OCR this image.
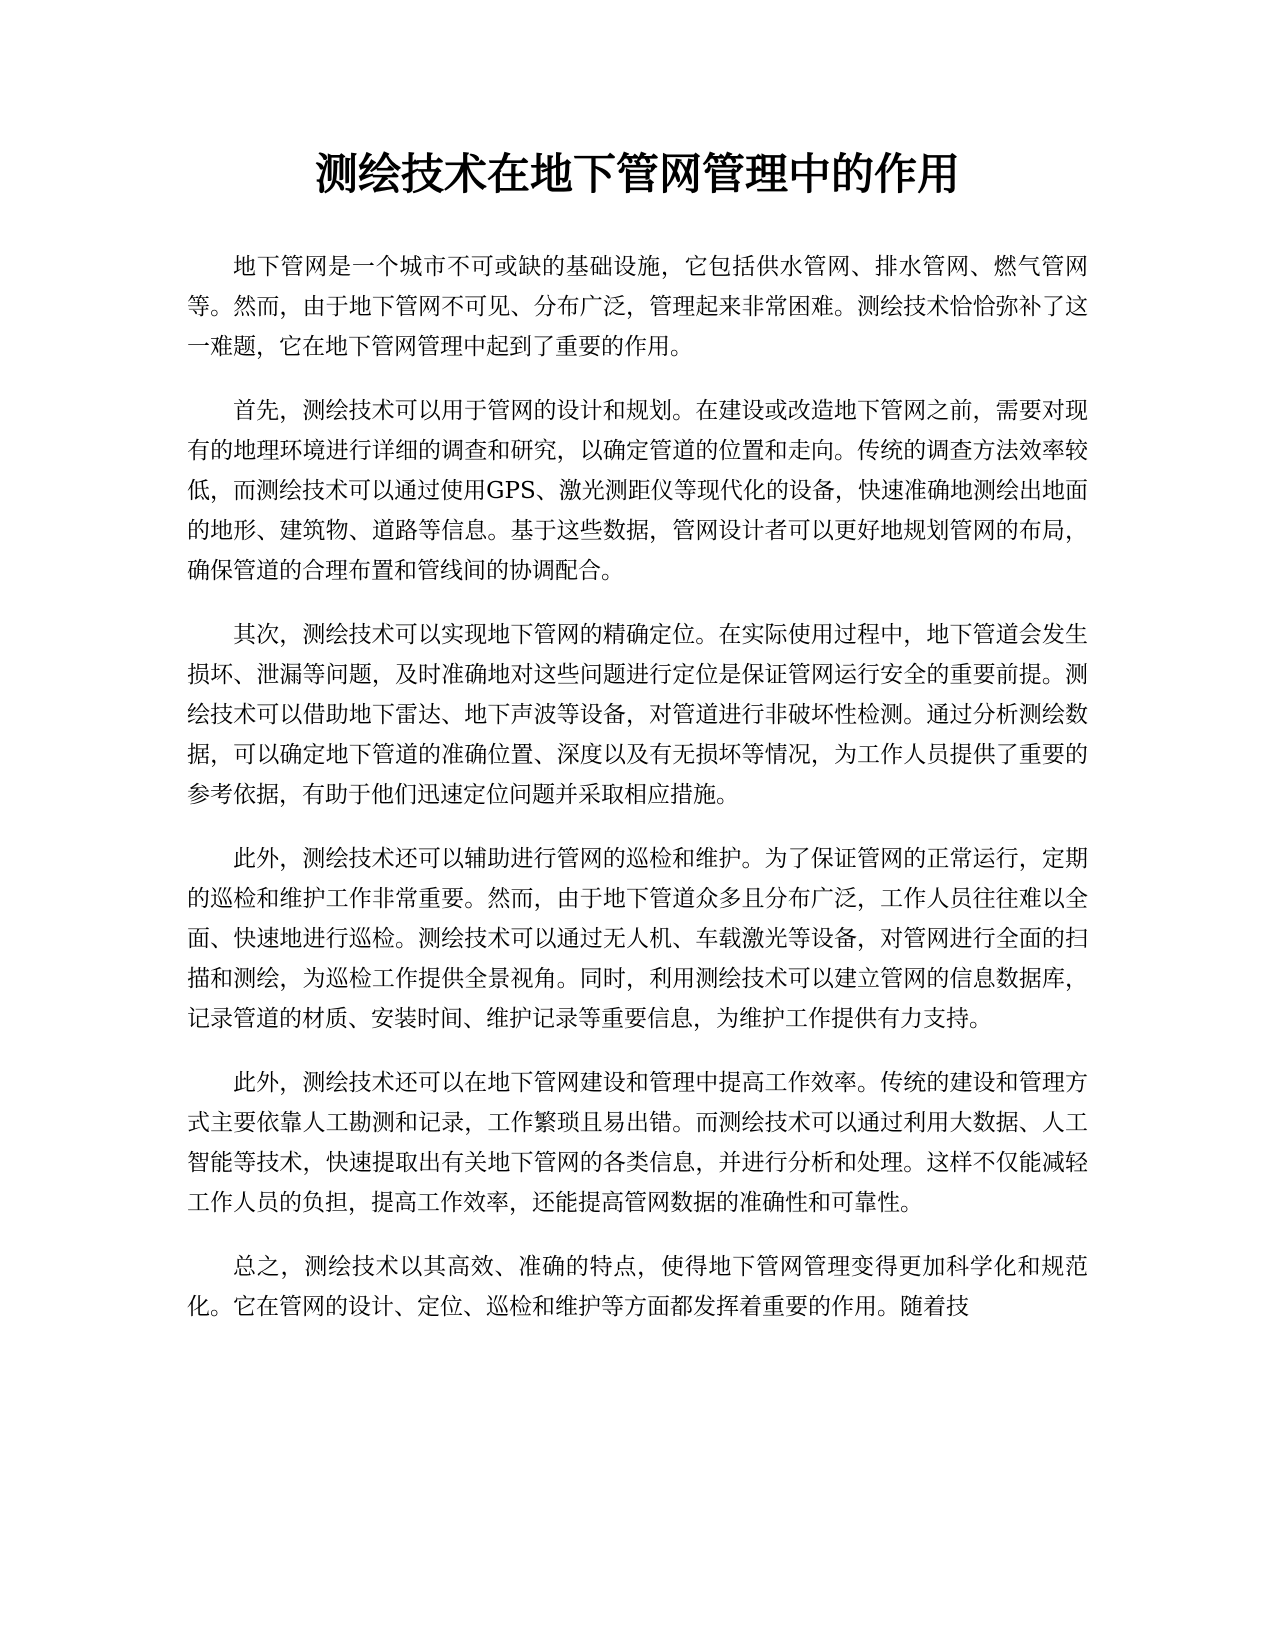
测绘技术在地下管网管理中的作用

地下管网是一个城市不可或缺的基础设施，它包括供水管网、排水管网、燃气管网等。然而，由于地下管网不可见、分布广泛，管理起来非常困难。测绘技术恰恰弥补了这一难题，它在地下管网管理中起到了重要的作用。

首先，测绘技术可以用于管网的设计和规划。在建设或改造地下管网之前，需要对现有的地理环境进行详细的调查和研究，以确定管道的位置和走向。传统的调查方法效率较低，而测绘技术可以通过使用GPS、激光测距仪等现代化的设备，快速准确地测绘出地面的地形、建筑物、道路等信息。基于这些数据，管网设计者可以更好地规划管网的布局，确保管道的合理布置和管线间的协调配合。

其次，测绘技术可以实现地下管网的精确定位。在实际使用过程中，地下管道会发生损坏、泄漏等问题，及时准确地对这些问题进行定位是保证管网运行安全的重要前提。测绘技术可以借助地下雷达、地下声波等设备，对管道进行非破坏性检测。通过分析测绘数据，可以确定地下管道的准确位置、深度以及有无损坏等情况，为工作人员提供了重要的参考依据，有助于他们迅速定位问题并采取相应措施。

此外，测绘技术还可以辅助进行管网的巡检和维护。为了保证管网的正常运行，定期的巡检和维护工作非常重要。然而，由于地下管道众多且分布广泛，工作人员往往难以全面、快速地进行巡检。测绘技术可以通过无人机、车载激光等设备，对管网进行全面的扫描和测绘，为巡检工作提供全景视角。同时，利用测绘技术可以建立管网的信息数据库，记录管道的材质、安装时间、维护记录等重要信息，为维护工作提供有力支持。

此外，测绘技术还可以在地下管网建设和管理中提高工作效率。传统的建设和管理方式主要依靠人工勘测和记录，工作繁琐且易出错。而测绘技术可以通过利用大数据、人工智能等技术，快速提取出有关地下管网的各类信息，并进行分析和处理。这样不仅能减轻工作人员的负担，提高工作效率，还能提高管网数据的准确性和可靠性。

总之，测绘技术以其高效、准确的特点，使得地下管网管理变得更加科学化和规范化。它在管网的设计、定位、巡检和维护等方面都发挥着重要的作用。随着技
